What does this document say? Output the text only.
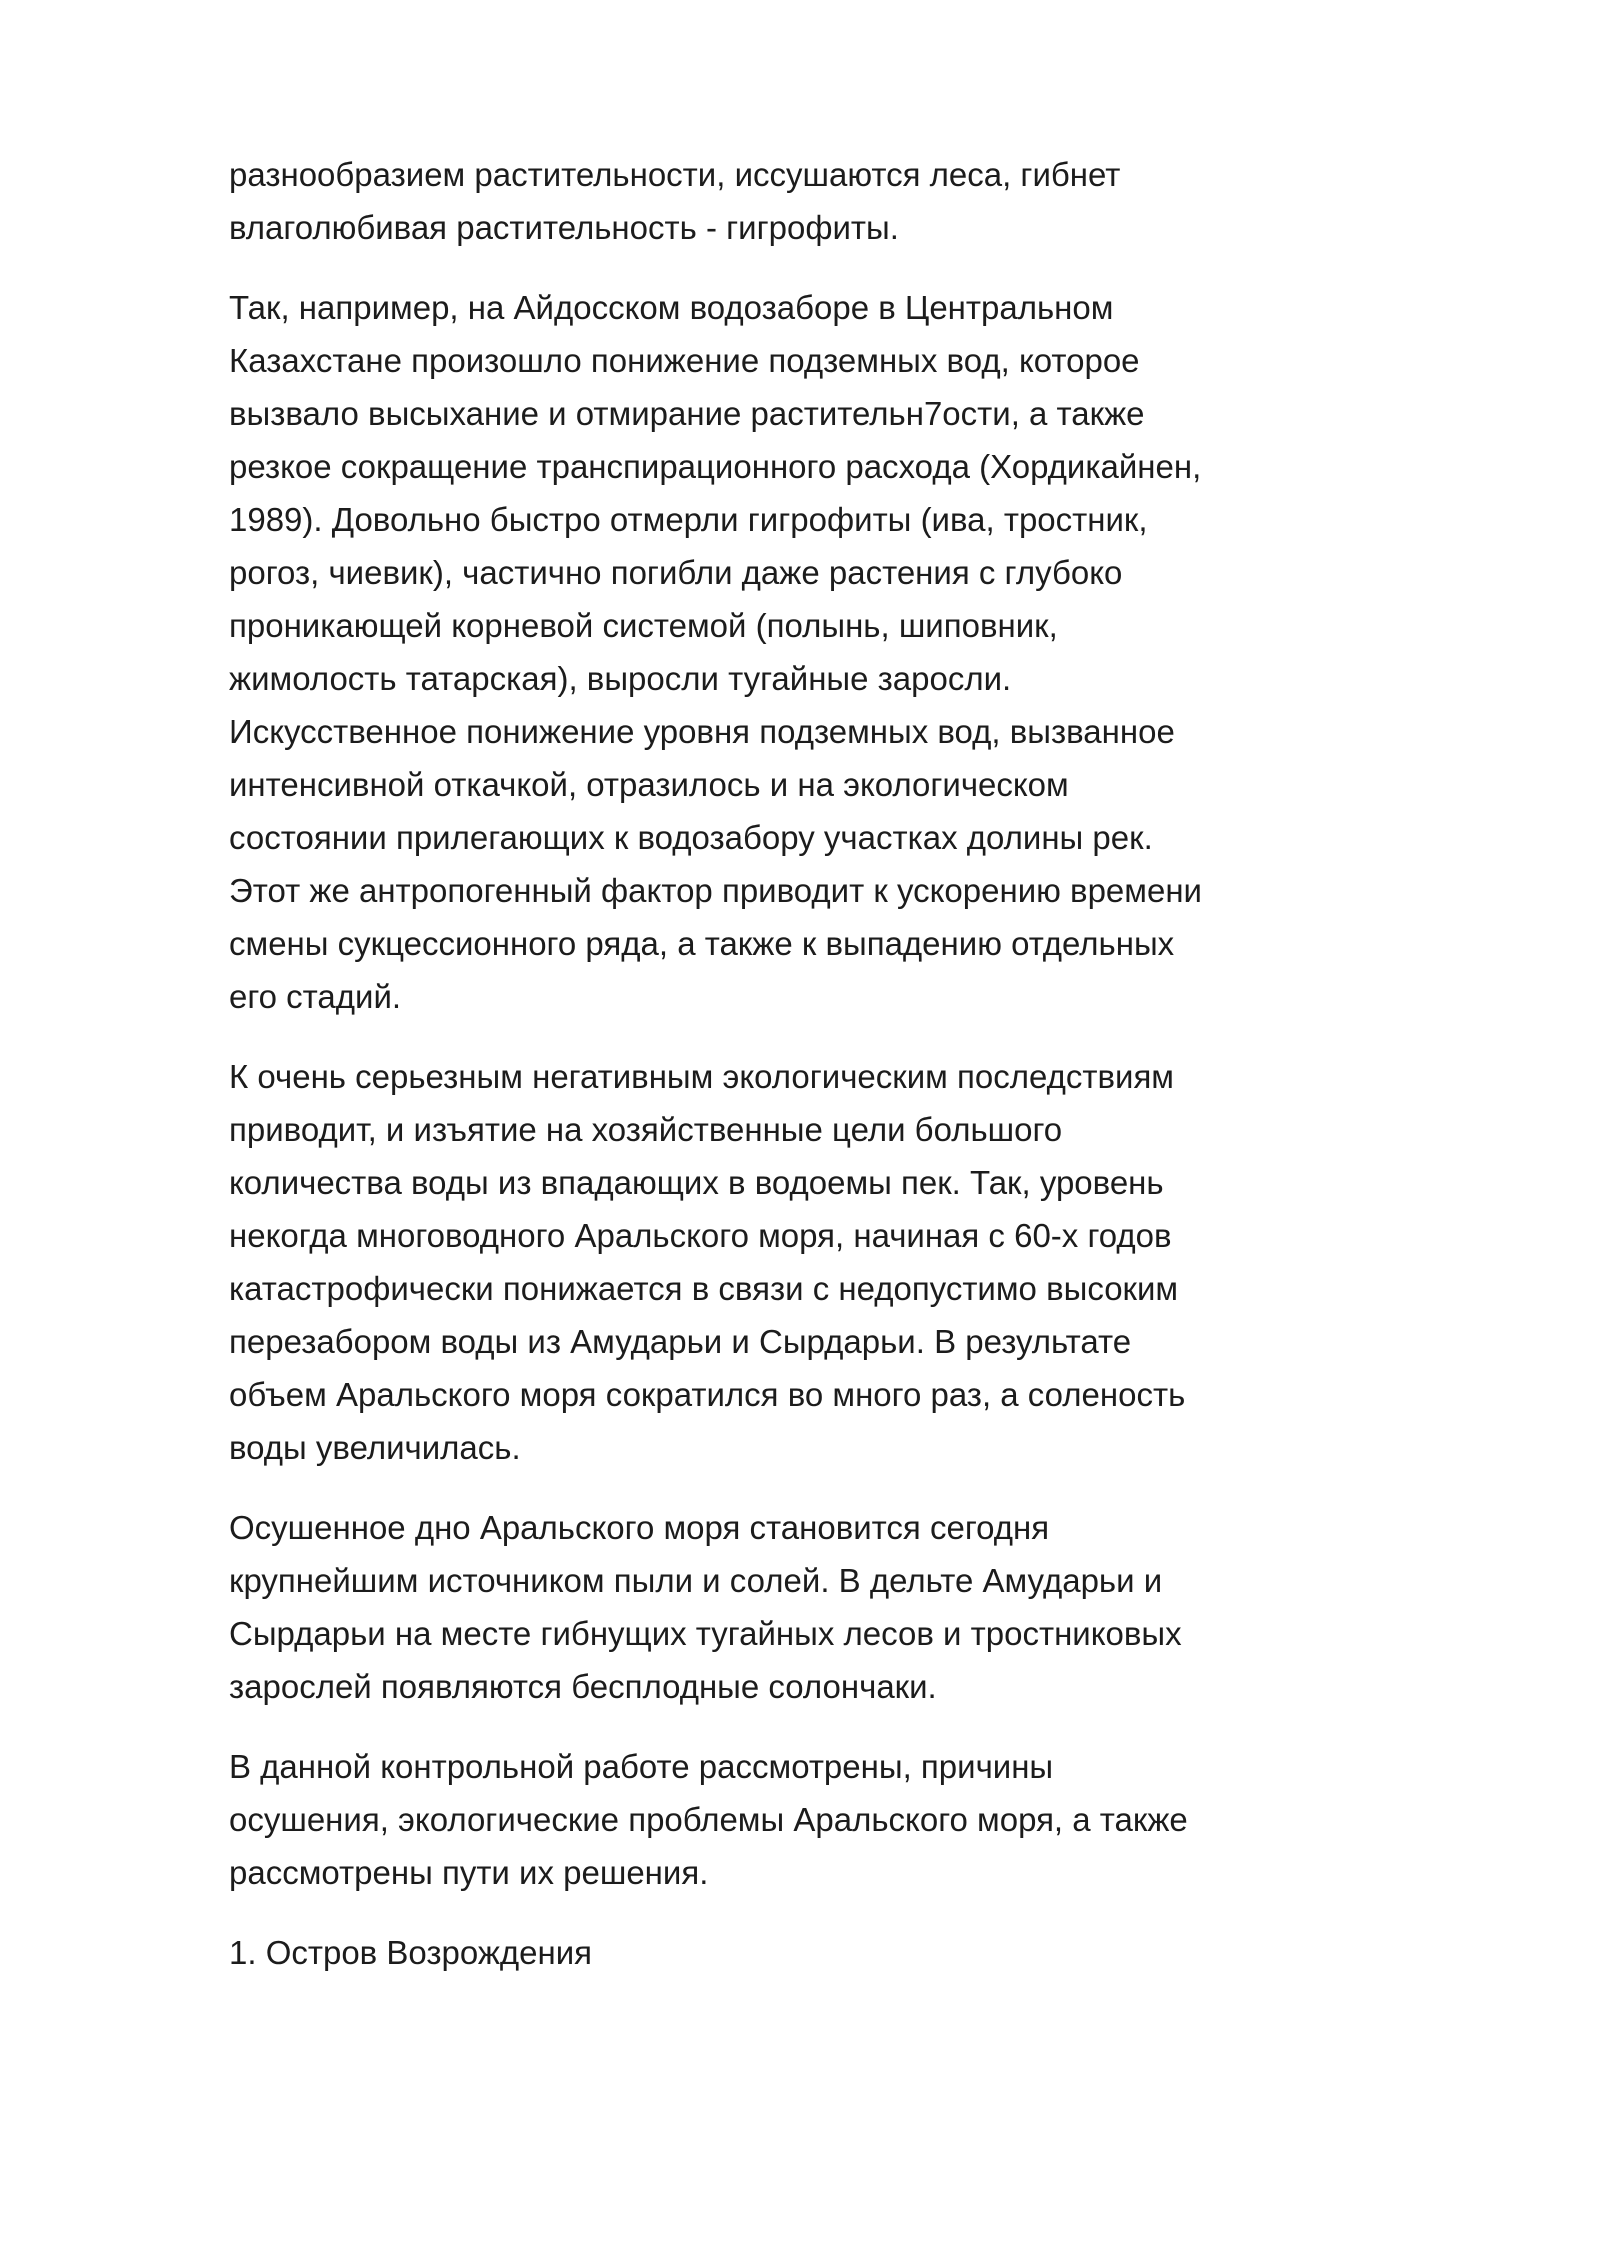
разнообразием растительности, иссушаются леса, гибнет
влаголюбивая растительность - гигрофиты.

Так, например, на Айдосском водозаборе в Центральном
Казахстане произошло понижение подземных вод, которое
вызвало высыхание и отмирание растительн7ости, а также
резкое сокращение транспирационного расхода (Хордикайнен,
1989). Довольно быстро отмерли гигрофиты (ива, тростник,
рогоз, чиевик), частично погибли даже растения с глубоко
проникающей корневой системой (полынь, шиповник,
жимолость татарская), выросли тугайные заросли.
Искусственное понижение уровня подземных вод, вызванное
интенсивной откачкой, отразилось и на экологическом
состоянии прилегающих к водозабору участках долины рек.
Этот же антропогенный фактор приводит к ускорению времени
смены сукцессионного ряда, а также к выпадению отдельных
его стадий.

К очень серьезным негативным экологическим последствиям
приводит, и изъятие на хозяйственные цели большого
количества воды из впадающих в водоемы пек. Так, уровень
некогда многоводного Аральского моря, начиная с 60-х годов
катастрофически понижается в связи с недопустимо высоким
перезабором воды из Амударьи и Сырдарьи. В результате
объем Аральского моря сократился во много раз, а соленость
воды увеличилась.

Осушенное дно Аральского моря становится сегодня
крупнейшим источником пыли и солей. В дельте Амударьи и
Сырдарьи на месте гибнущих тугайных лесов и тростниковых
зарослей появляются бесплодные солончаки.

В данной контрольной работе рассмотрены, причины
осушения, экологические проблемы Аральского моря, а также
рассмотрены пути их решения.

1. Остров Возрождения
